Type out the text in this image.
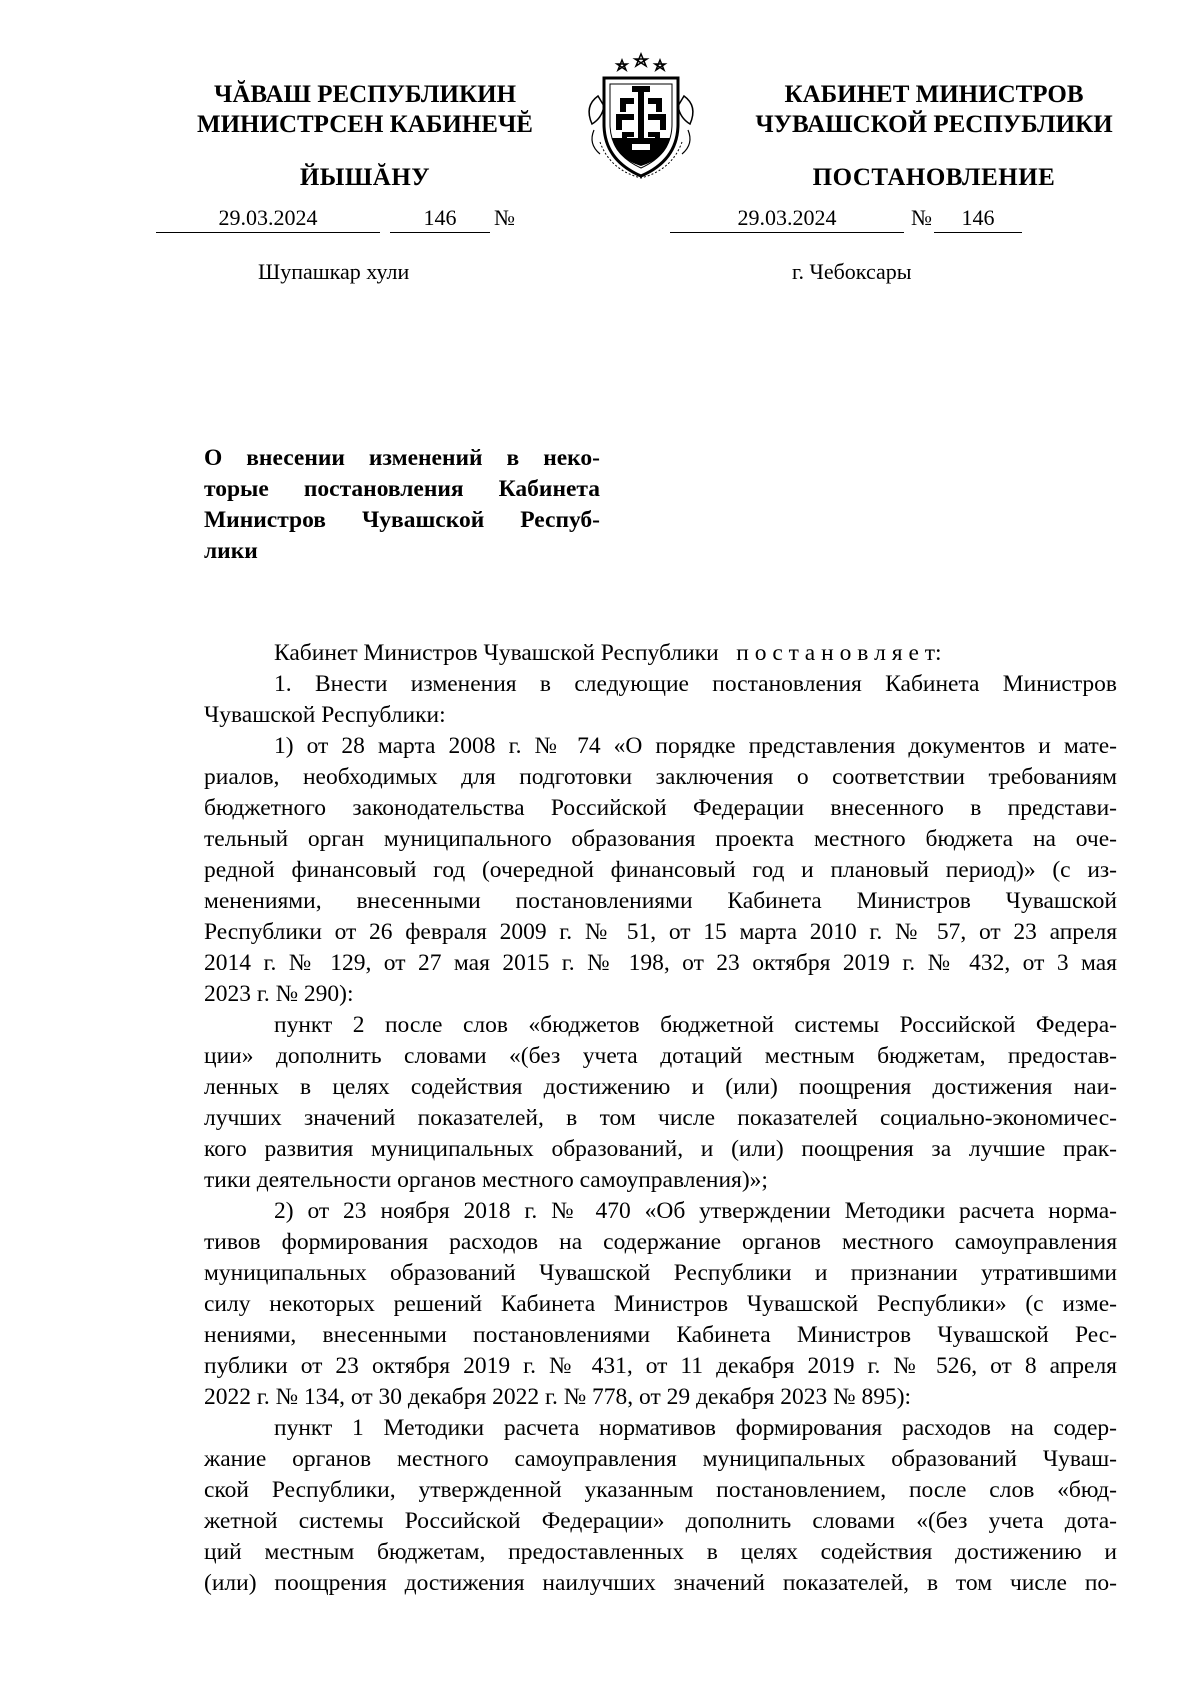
ЧĂВАШ РЕСПУБЛИКИН
МИНИСТРСЕН КАБИНЕЧĔ
ЙЫШĂНУ
КАБИНЕТ МИНИСТРОВ
ЧУВАШСКОЙ РЕСПУБЛИКИ
ПОСТАНОВЛЕНИЕ
29.03.2024	146	№	29.03.2024	№	146
Шупашкар хули	г. Чебоксары
О внесении изменений в неко-
торые постановления Кабинета
Министров Чувашской Респуб-
лики
Кабинет Министров Чувашской Республики п о с т а н о в л я е т:
1. Внести изменения в следующие постановления Кабинета Министров
Чувашской Республики:
1) от 28 марта 2008 г. № 74 «О порядке представления документов и мате-
риалов, необходимых для подготовки заключения о соответствии требованиям
бюджетного законодательства Российской Федерации внесенного в представи-
тельный орган муниципального образования проекта местного бюджета на оче-
редной финансовый год (очередной финансовый год и плановый период)» (с из-
менениями, внесенными постановлениями Кабинета Министров Чувашской
Республики от 26 февраля 2009 г. № 51, от 15 марта 2010 г. № 57, от 23 апреля
2014 г. № 129, от 27 мая 2015 г. № 198, от 23 октября 2019 г. № 432, от 3 мая
2023 г. № 290):
пункт 2 после слов «бюджетов бюджетной системы Российской Федера-
ции» дополнить словами «(без учета дотаций местным бюджетам, предостав-
ленных в целях содействия достижению и (или) поощрения достижения наи-
лучших значений показателей, в том числе показателей социально-экономичес-
кого развития муниципальных образований, и (или) поощрения за лучшие прак-
тики деятельности органов местного самоуправления)»;
2) от 23 ноября 2018 г. № 470 «Об утверждении Методики расчета норма-
тивов формирования расходов на содержание органов местного самоуправления
муниципальных образований Чувашской Республики и признании утратившими
силу некоторых решений Кабинета Министров Чувашской Республики» (с изме-
нениями, внесенными постановлениями Кабинета Министров Чувашской Рес-
публики от 23 октября 2019 г. № 431, от 11 декабря 2019 г. № 526, от 8 апреля
2022 г. № 134, от 30 декабря 2022 г. № 778, от 29 декабря 2023 № 895):
пункт 1 Методики расчета нормативов формирования расходов на содер-
жание органов местного самоуправления муниципальных образований Чуваш-
ской Республики, утвержденной указанным постановлением, после слов «бюд-
жетной системы Российской Федерации» дополнить словами «(без учета дота-
ций местным бюджетам, предоставленных в целях содействия достижению и
(или) поощрения достижения наилучших значений показателей, в том числе по-
